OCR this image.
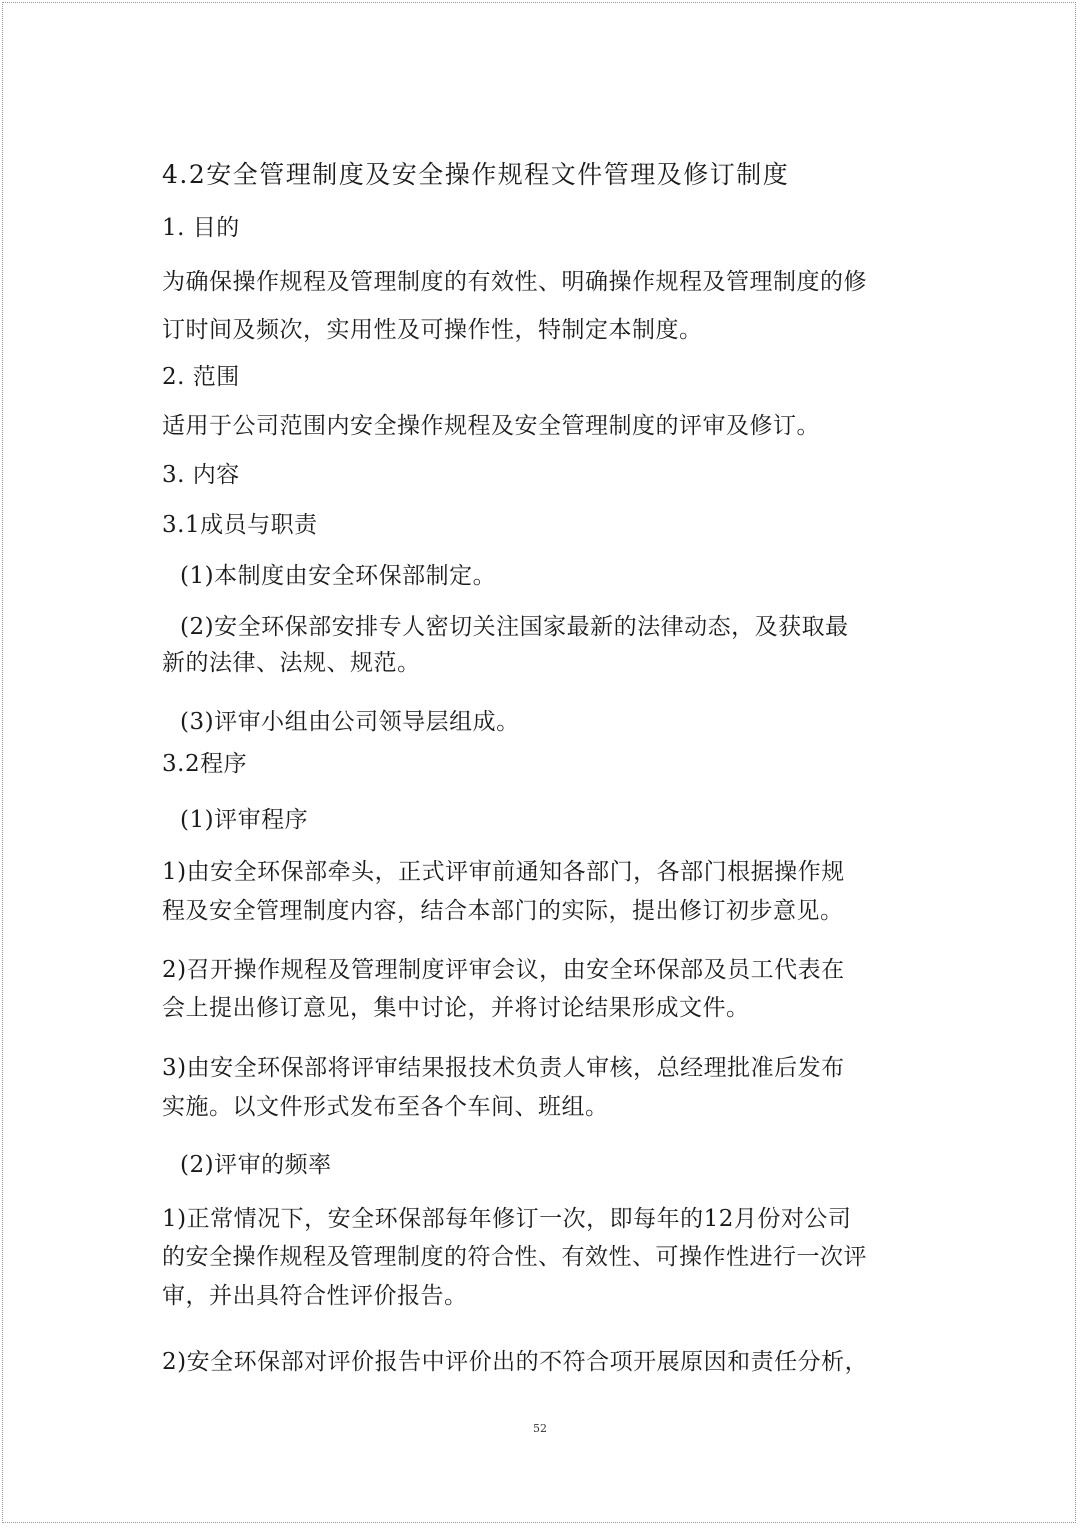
4.2安全管理制度及安全操作规程文件管理及修订制度
1. 目的
为确保操作规程及管理制度的有效性、明确操作规程及管理制度的修
订时间及频次，实用性及可操作性，特制定本制度。
2. 范围
适用于公司范围内安全操作规程及安全管理制度的评审及修订。
3. 内容
3.1成员与职责
(1)本制度由安全环保部制定。
(2)安全环保部安排专人密切关注国家最新的法律动态，及获取最
新的法律、法规、规范。
(3)评审小组由公司领导层组成。
3.2程序
(1)评审程序
1)由安全环保部牵头，正式评审前通知各部门，各部门根据操作规
程及安全管理制度内容，结合本部门的实际，提出修订初步意见。
2)召开操作规程及管理制度评审会议，由安全环保部及员工代表在
会上提出修订意见，集中讨论，并将讨论结果形成文件。
3)由安全环保部将评审结果报技术负责人审核，总经理批准后发布
实施。以文件形式发布至各个车间、班组。
(2)评审的频率
1)正常情况下，安全环保部每年修订一次，即每年的12月份对公司
的安全操作规程及管理制度的符合性、有效性、可操作性进行一次评
审，并出具符合性评价报告。
2)安全环保部对评价报告中评价出的不符合项开展原因和责任分析，
52
